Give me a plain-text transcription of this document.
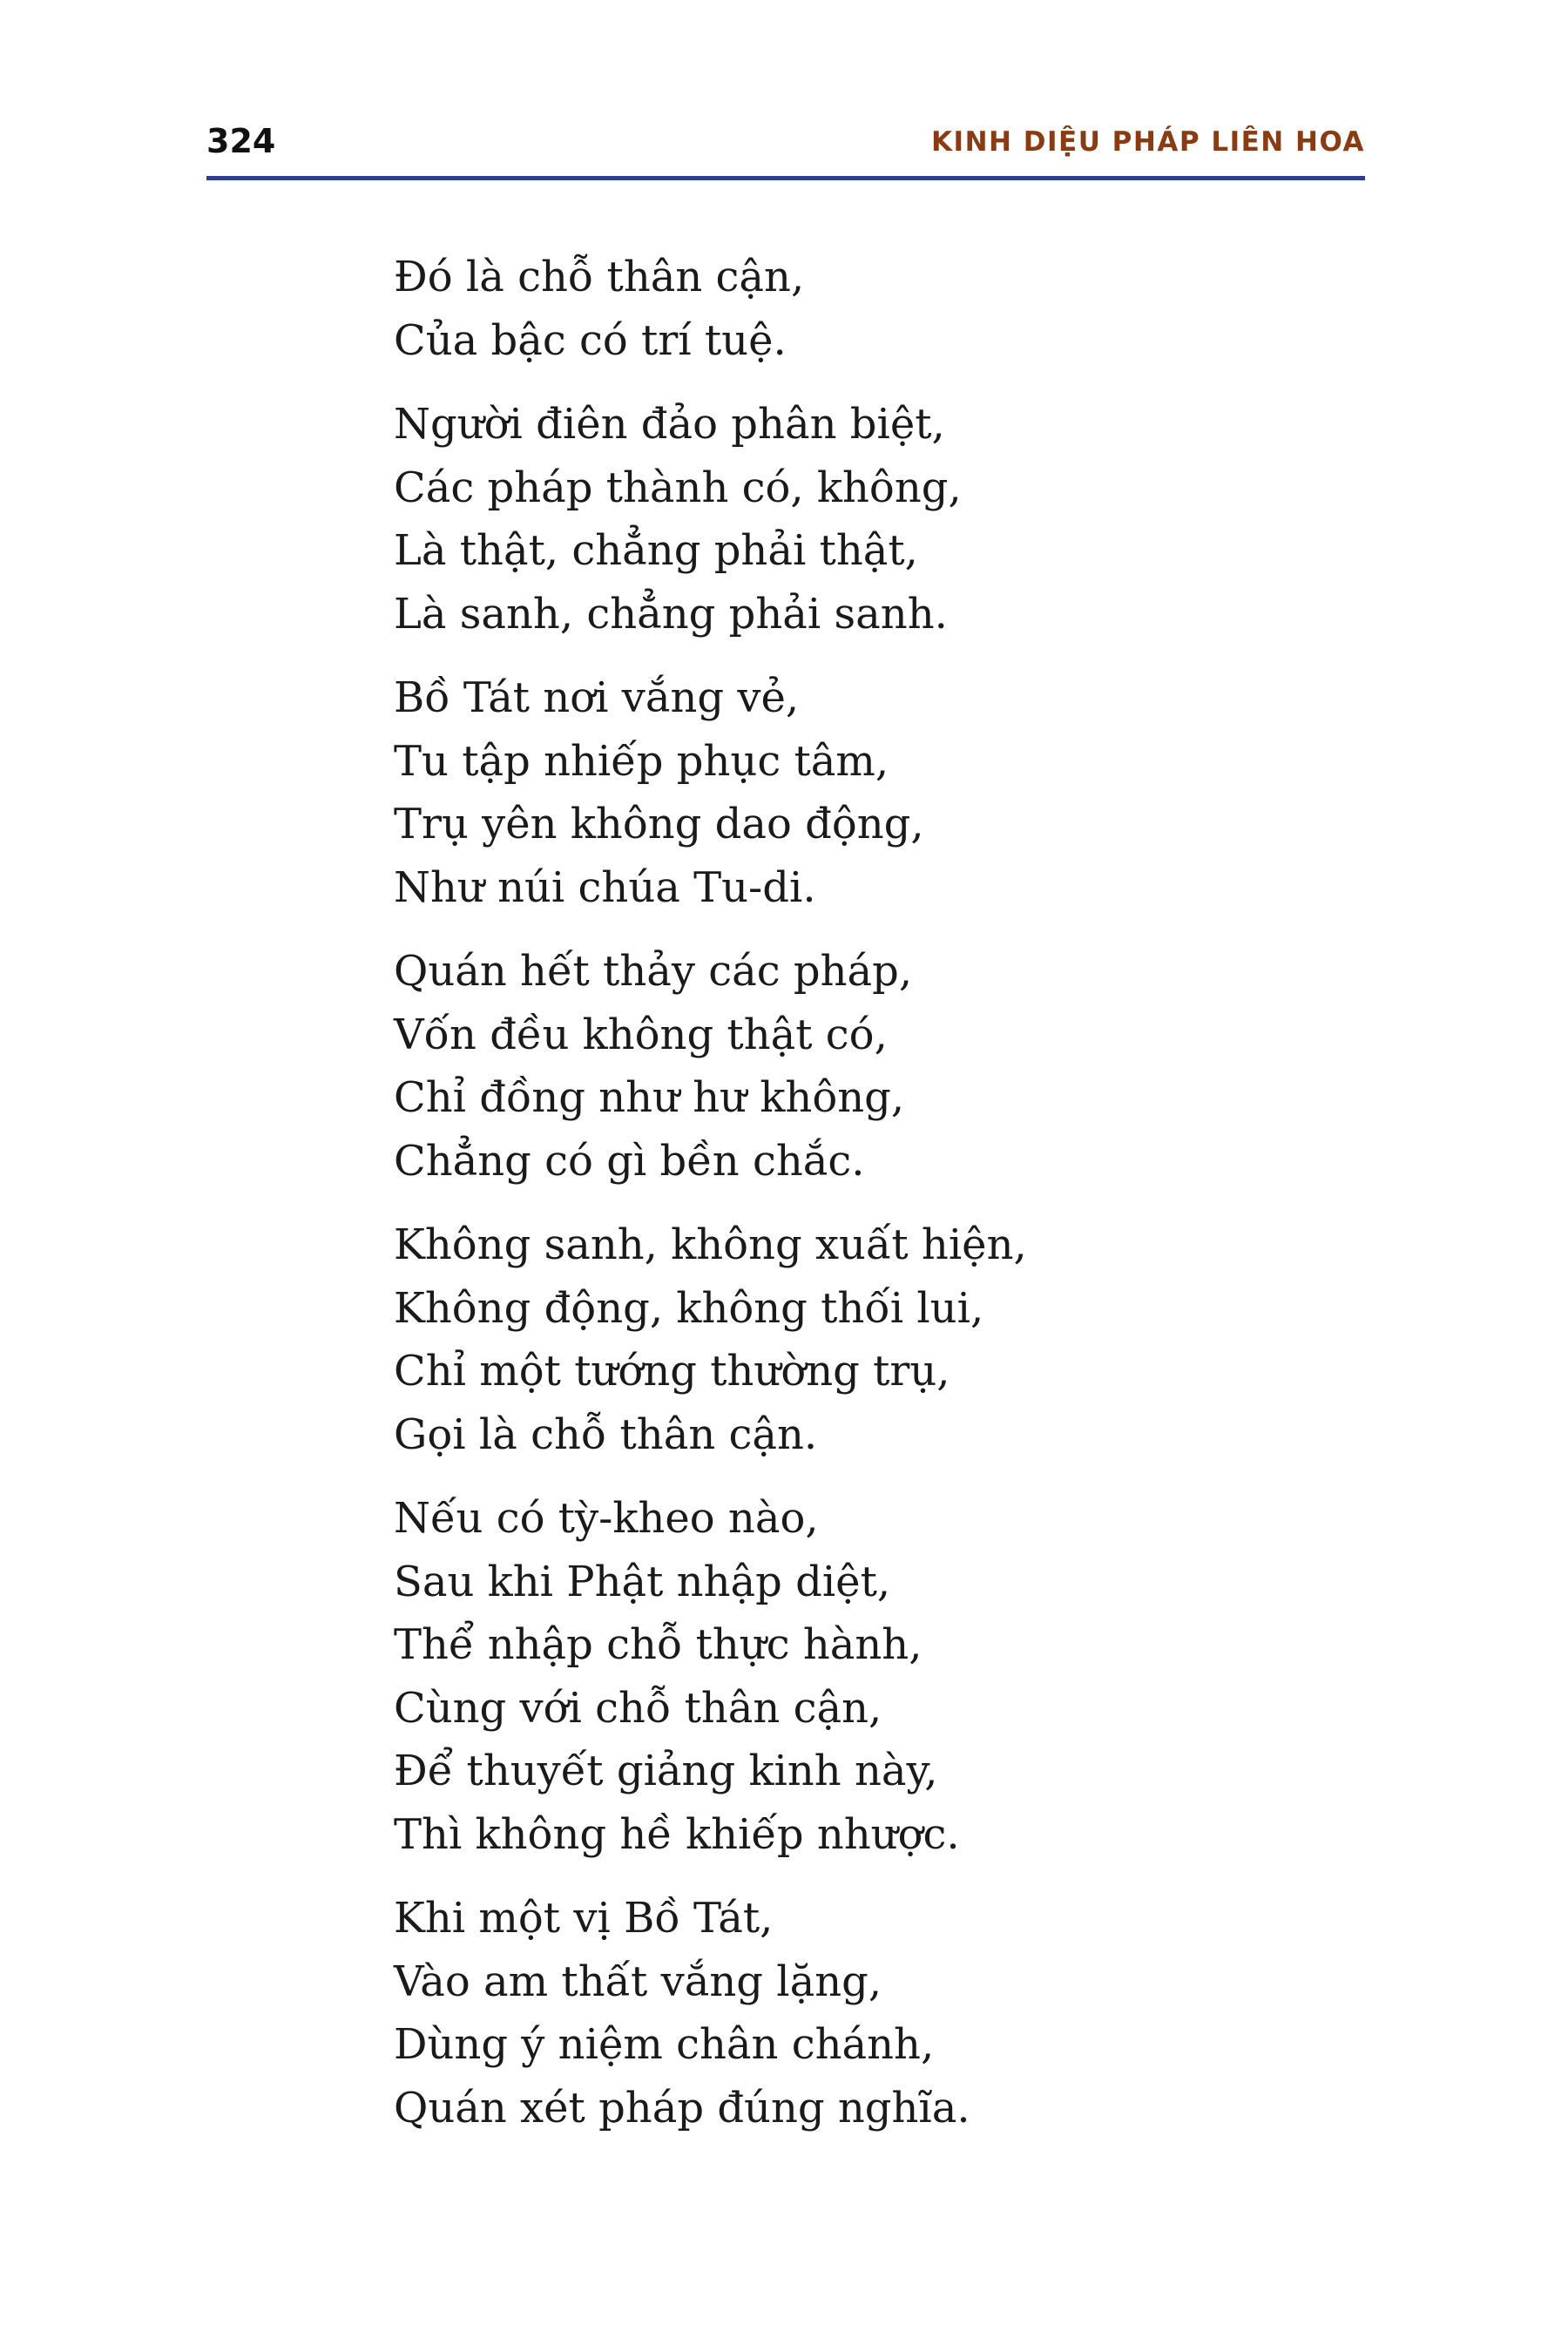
324	KINH DIỆU PHÁP LIÊN HOA

Đó là chỗ thân cận,
Của bậc có trí tuệ.

Người điên đảo phân biệt,
Các pháp thành có, không,
Là thật, chẳng phải thật,
Là sanh, chẳng phải sanh.

Bồ Tát nơi vắng vẻ,
Tu tập nhiếp phục tâm,
Trụ yên không dao động,
Như núi chúa Tu-di.

Quán hết thảy các pháp,
Vốn đều không thật có,
Chỉ đồng như hư không,
Chẳng có gì bền chắc.

Không sanh, không xuất hiện,
Không động, không thối lui,
Chỉ một tướng thường trụ,
Gọi là chỗ thân cận.

Nếu có tỳ-kheo nào,
Sau khi Phật nhập diệt,
Thể nhập chỗ thực hành,
Cùng với chỗ thân cận,
Để thuyết giảng kinh này,
Thì không hề khiếp nhược.

Khi một vị Bồ Tát,
Vào am thất vắng lặng,
Dùng ý niệm chân chánh,
Quán xét pháp đúng nghĩa.
